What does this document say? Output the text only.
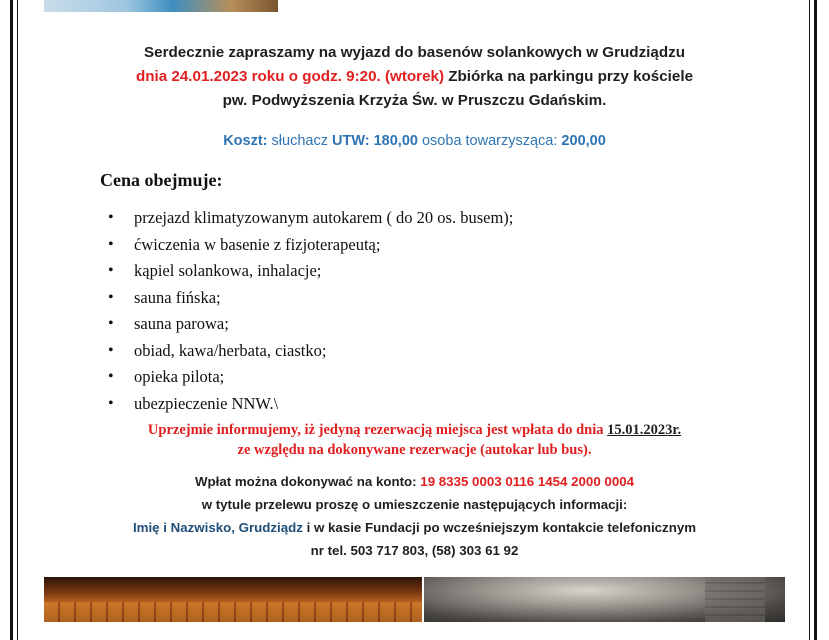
Serdecznie zapraszamy na wyjazd do basenów solankowych w Grudziądzu
dnia 24.01.2023 roku o godz. 9:20. (wtorek) Zbiórka na parkingu przy kościele
pw. Podwyższenia Krzyża Św. w Pruszczu Gdańskim.
Koszt: słuchacz UTW: 180,00 osoba towarzysząca: 200,00
Cena obejmuje:
• przejazd klimatyzowanym autokarem ( do 20 os. busem);
• ćwiczenia w basenie z fizjoterapeutą;
• kąpiel solankowa, inhalacje;
• sauna fińska;
• sauna parowa;
• obiad, kawa/herbata, ciastko;
• opieka pilota;
• ubezpieczenie NNW.\
Uprzejmie informujemy, iż jedyną rezerwacją miejsca jest wpłata do dnia 15.01.2023r.
ze względu na dokonywane rezerwacje (autokar lub bus).
Wpłat można dokonywać na konto: 19 8335 0003 0116 1454 2000 0004
w tytule przelewu proszę o umieszczenie następujących informacji:
Imię i Nazwisko, Grudziądz i w kasie Fundacji po wcześniejszym kontakcie telefonicznym
nr tel. 503 717 803, (58) 303 61 92
